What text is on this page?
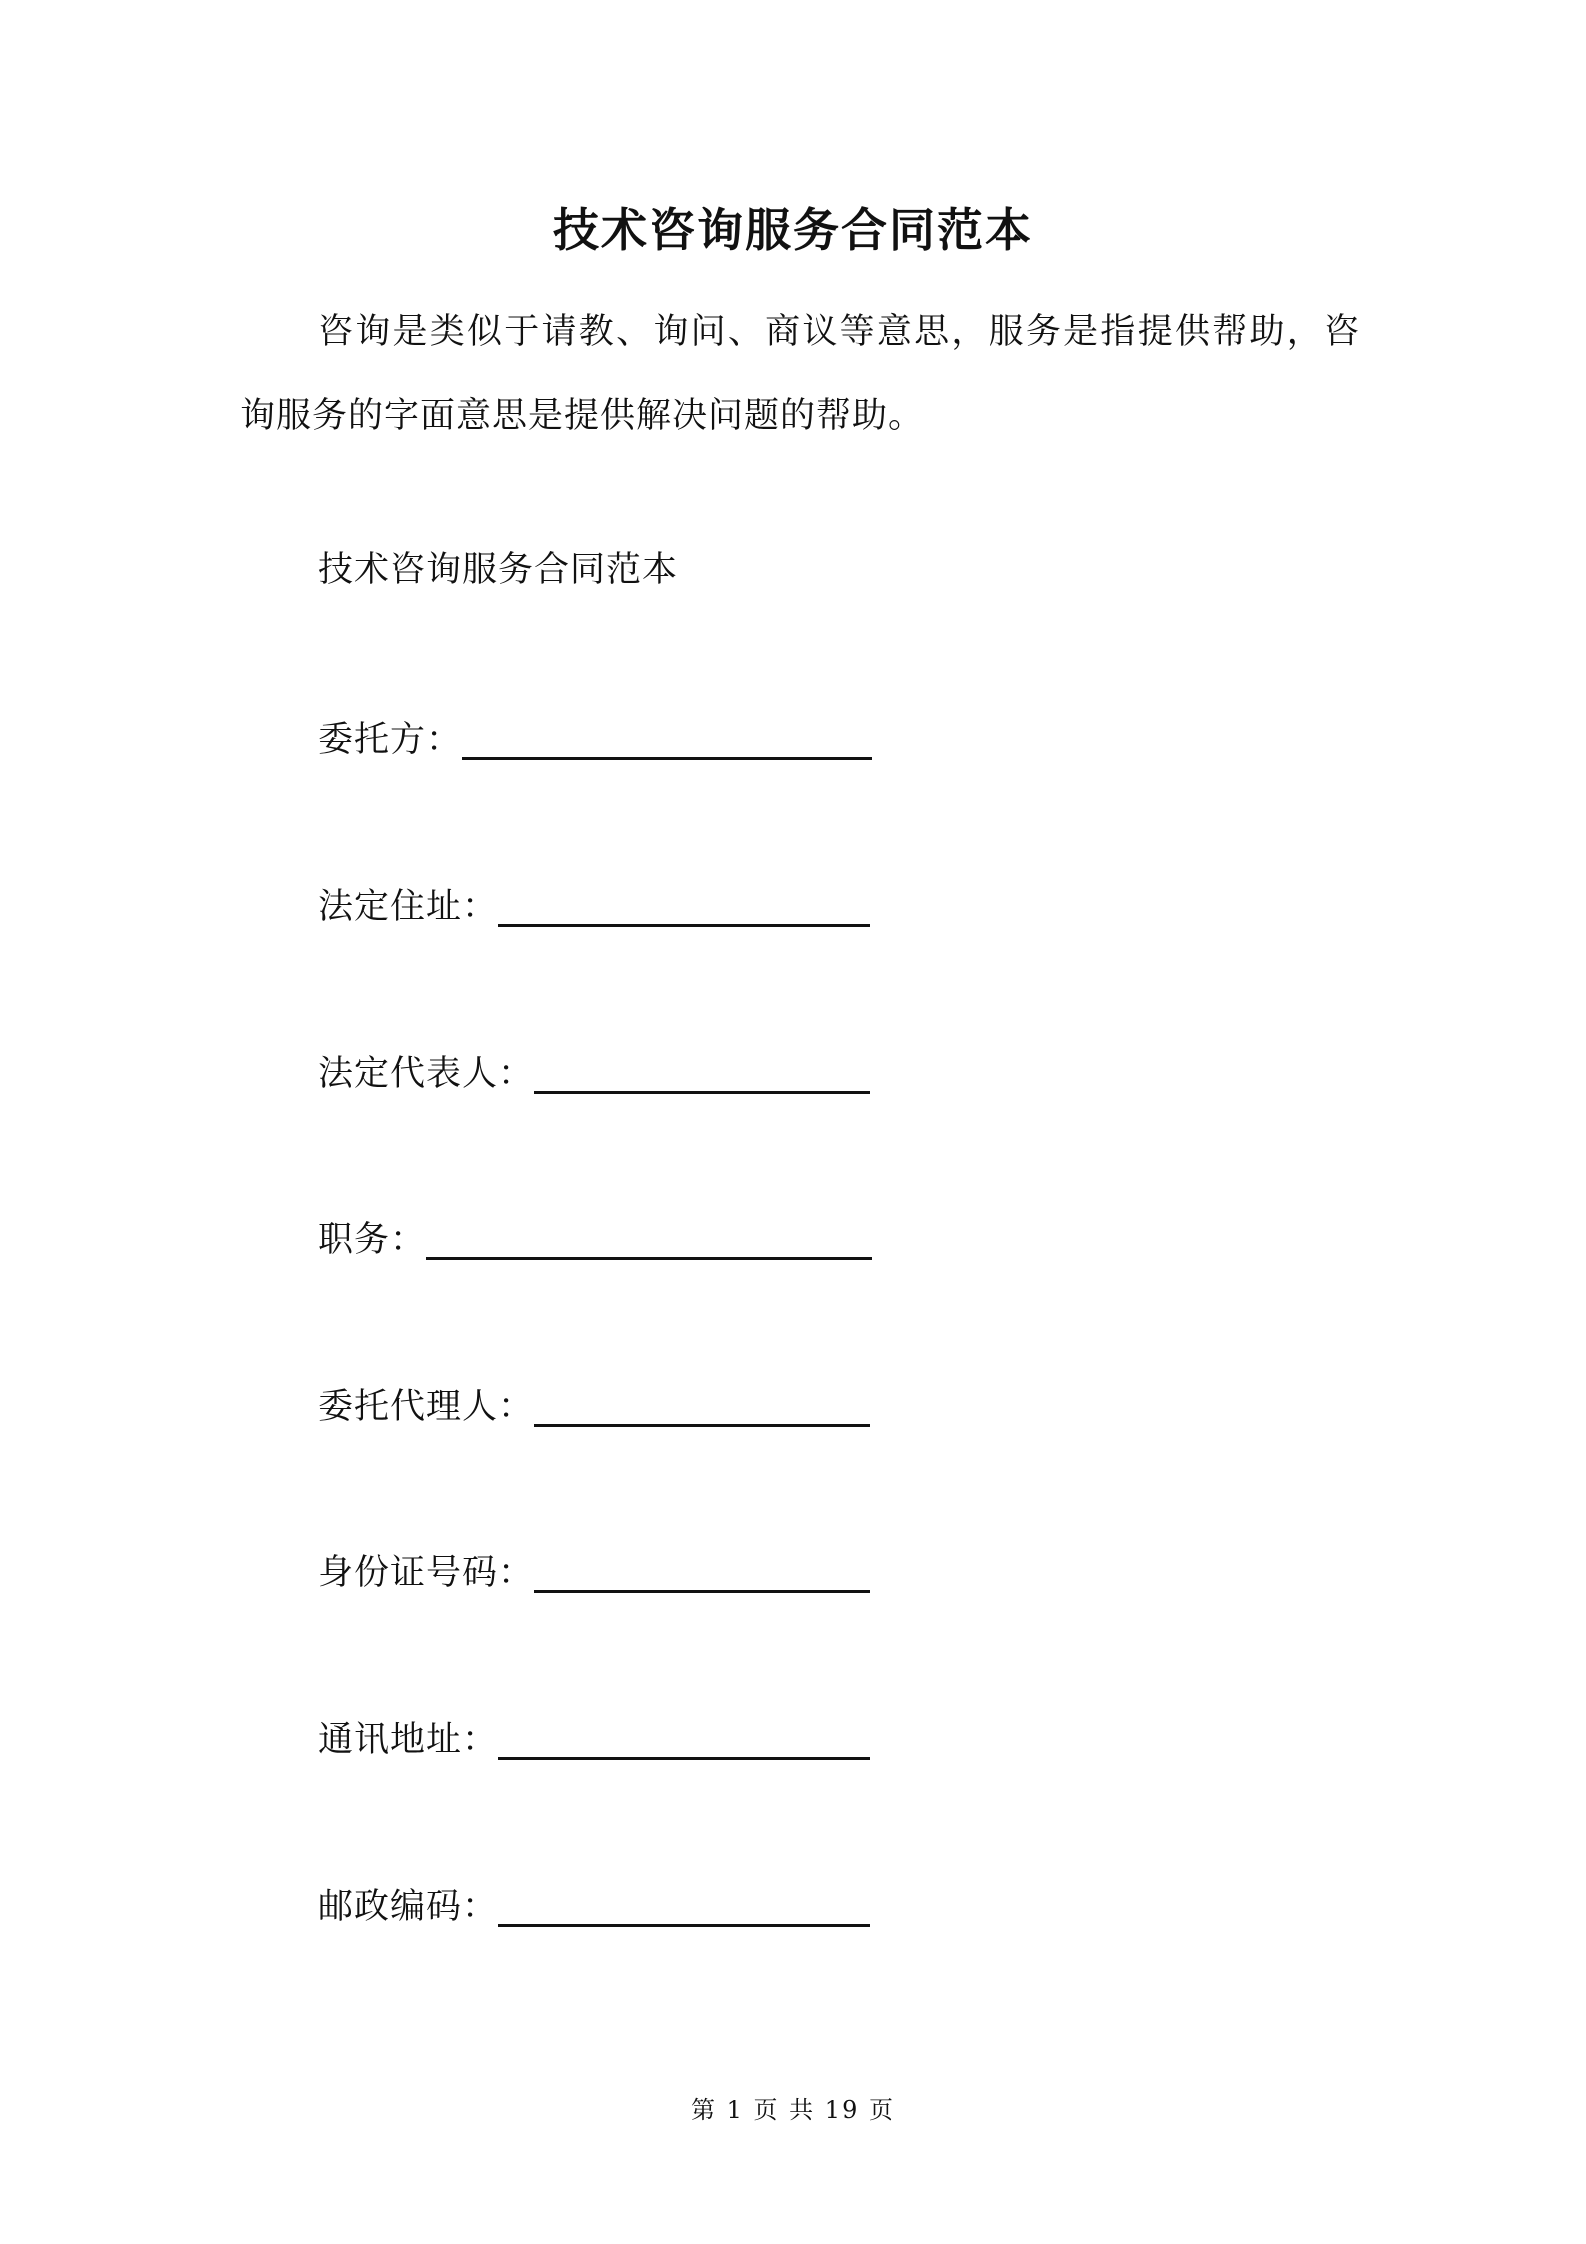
技术咨询服务合同范本

咨询是类似于请教、询问、商议等意思，服务是指提供帮助，咨询服务的字面意思是提供解决问题的帮助。

技术咨询服务合同范本
委托方：
法定住址：
法定代表人：
职务：
委托代理人：
身份证号码：
通讯地址：
邮政编码：
第 1 页 共 19 页
